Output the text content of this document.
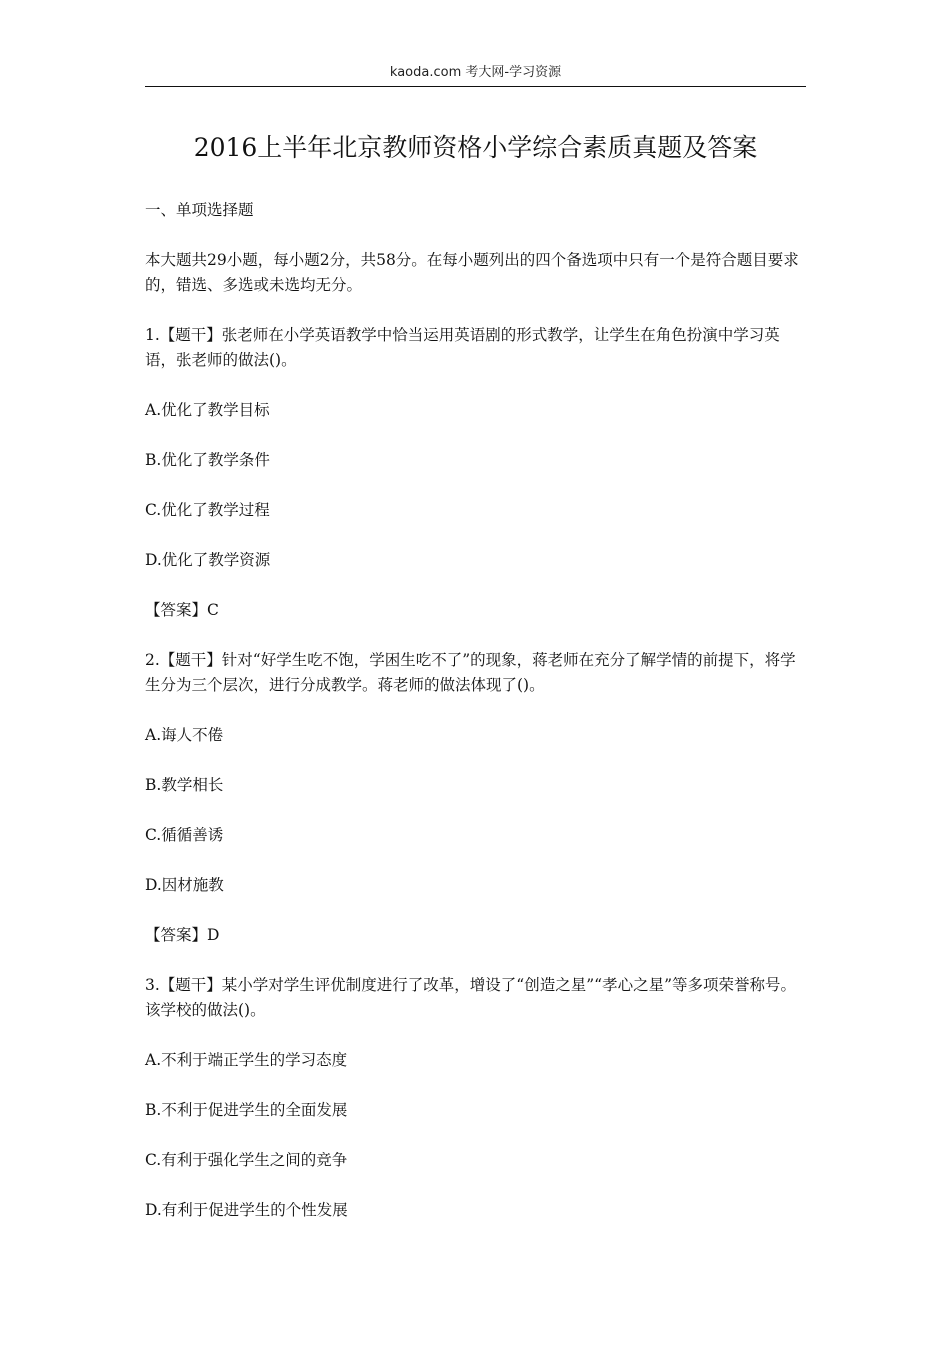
kaoda.com 考大网-学习资源
2016上半年北京教师资格小学综合素质真题及答案
一、单项选择题
本大题共29小题，每小题2分，共58分。在每小题列出的四个备选项中只有一个是符合题目要求的，错选、多选或未选均无分。
1.【题干】张老师在小学英语教学中恰当运用英语剧的形式教学，让学生在角色扮演中学习英语，张老师的做法()。
A.优化了教学目标
B.优化了教学条件
C.优化了教学过程
D.优化了教学资源
【答案】C
2.【题干】针对“好学生吃不饱，学困生吃不了”的现象，蒋老师在充分了解学情的前提下，将学生分为三个层次，进行分成教学。蒋老师的做法体现了()。
A.诲人不倦
B.教学相长
C.循循善诱
D.因材施教
【答案】D
3.【题干】某小学对学生评优制度进行了改革，增设了“创造之星”“孝心之星”等多项荣誉称号。该学校的做法()。
A.不利于端正学生的学习态度
B.不利于促进学生的全面发展
C.有利于强化学生之间的竞争
D.有利于促进学生的个性发展
